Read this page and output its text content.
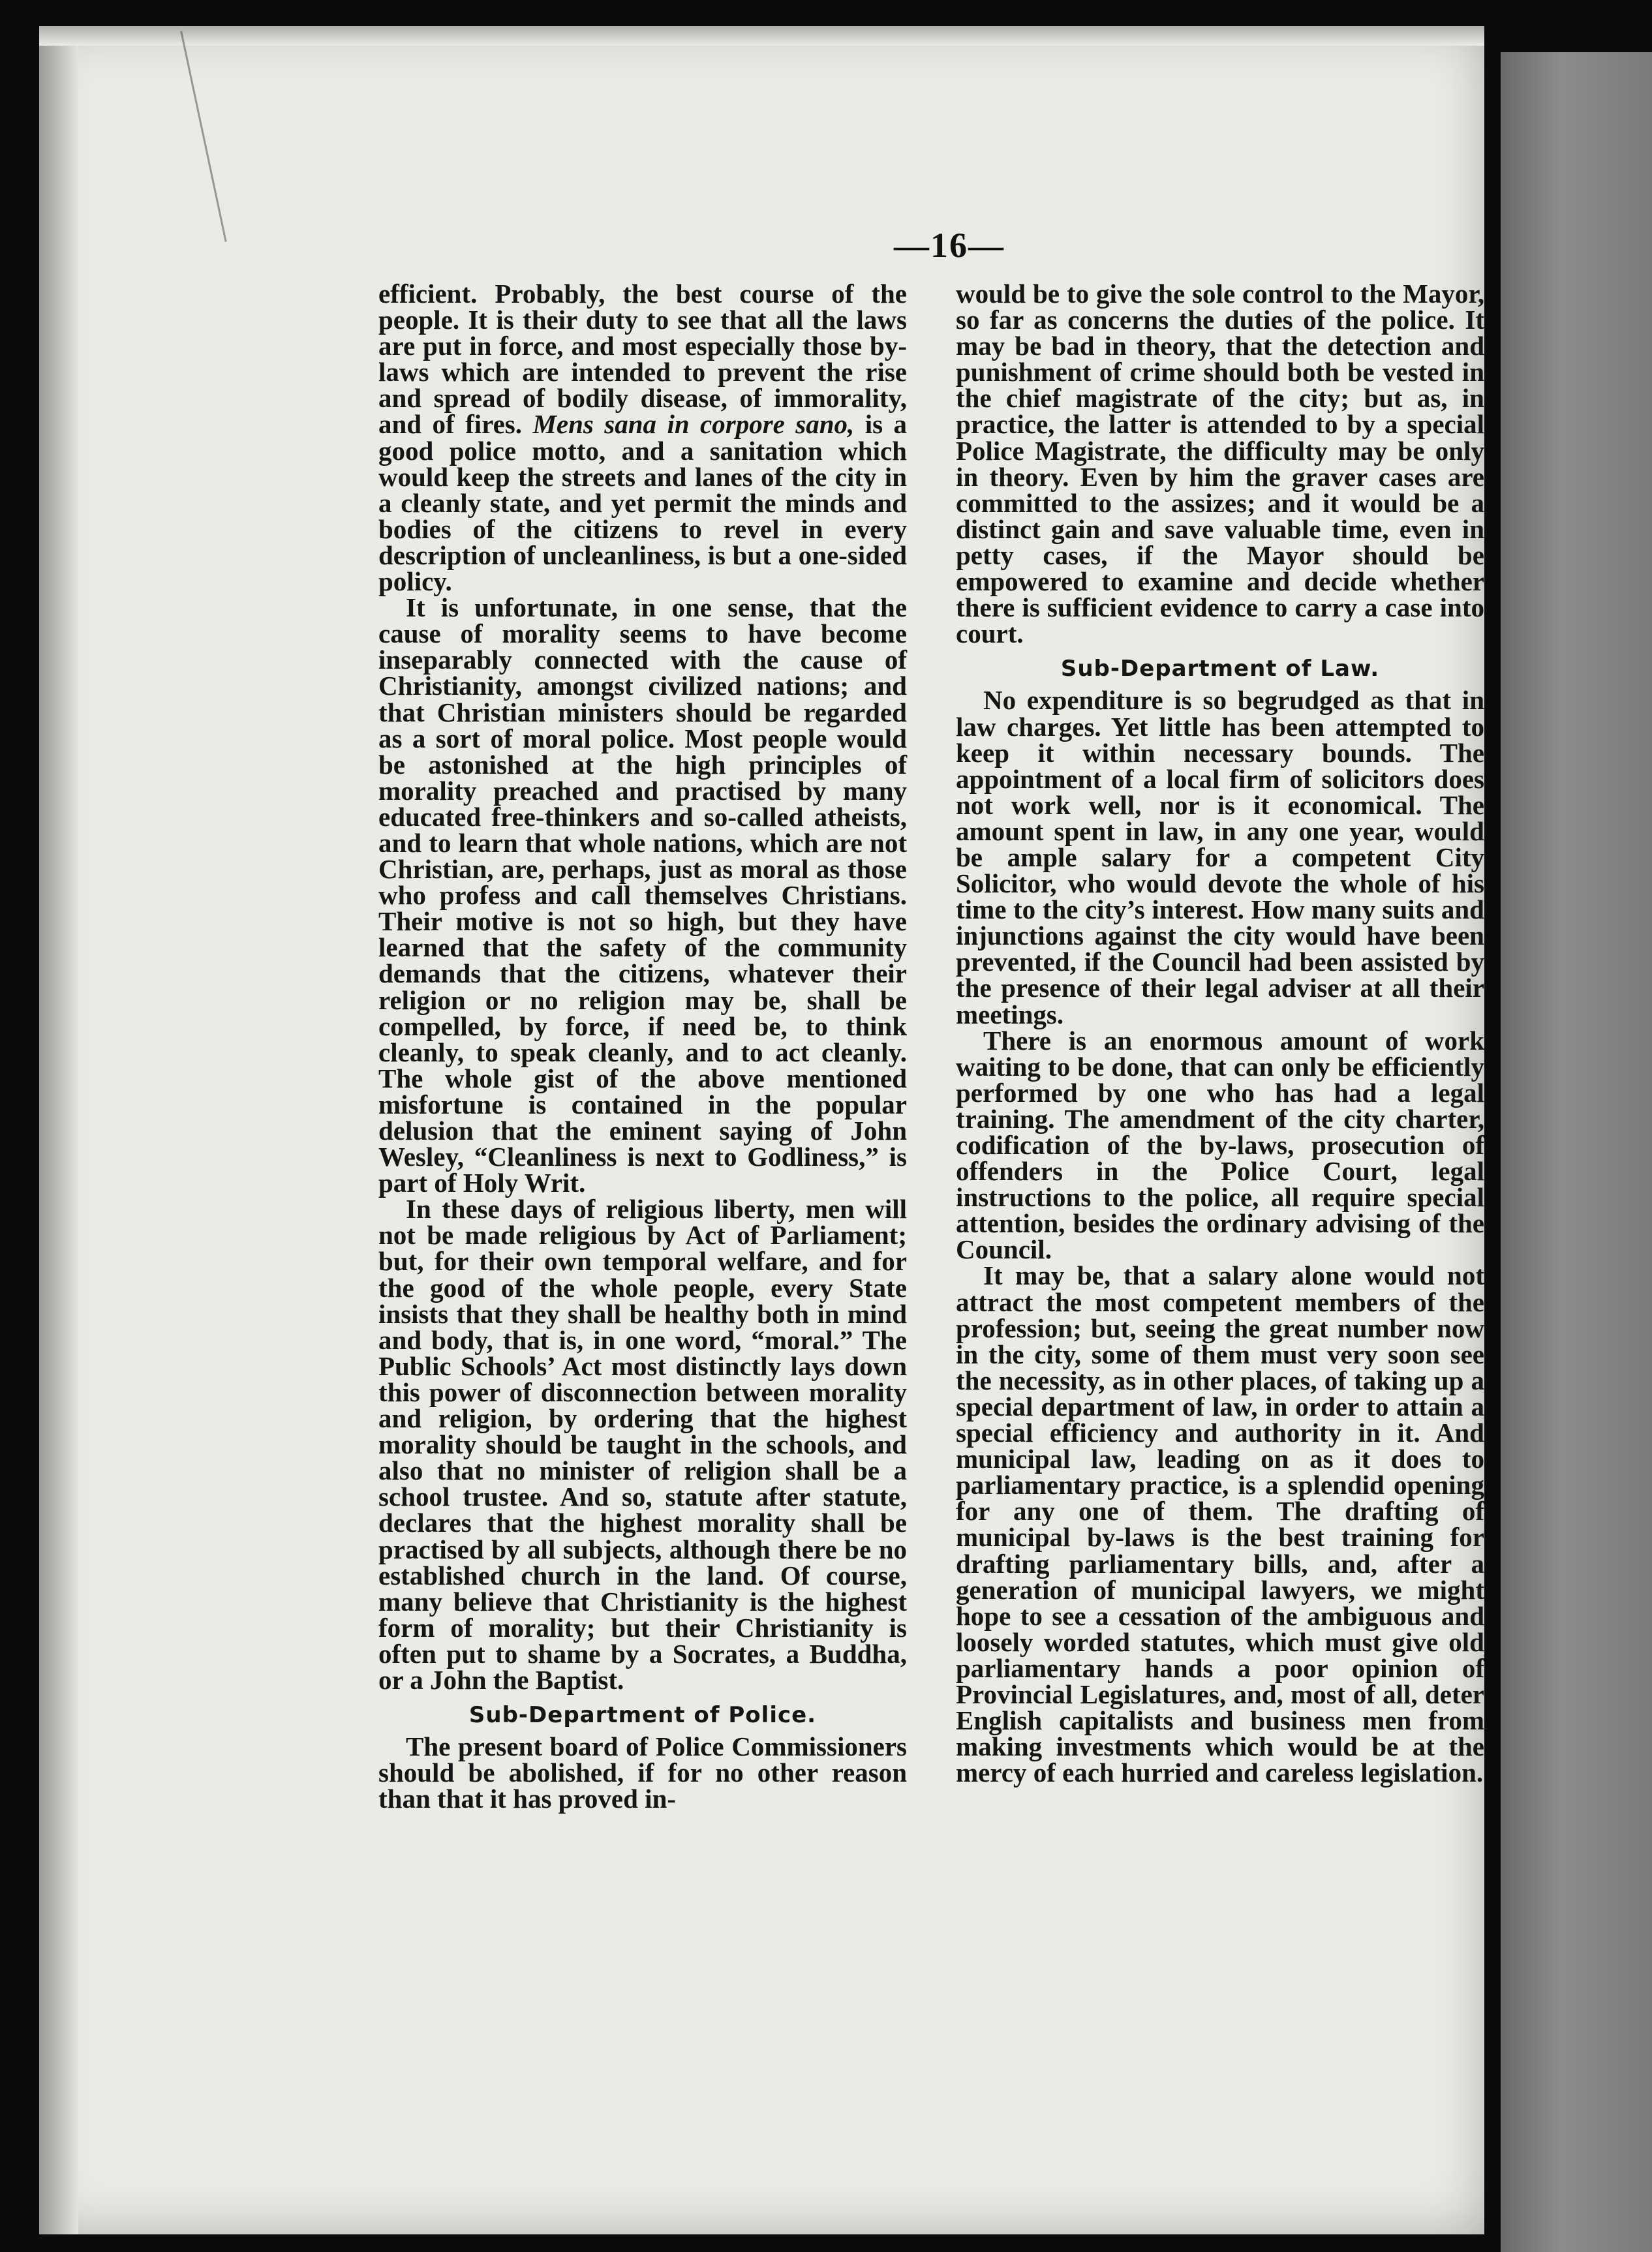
—16—

efficient. Probably, the best course of the people. It is their duty to see that all the laws are put in force, and most especially those by-laws which are intended to prevent the rise and spread of bodily disease, of immorality, and of fires. Mens sana in corpore sano, is a good police motto, and a sanitation which would keep the streets and lanes of the city in a cleanly state, and yet permit the minds and bodies of the citizens to revel in every description of uncleanliness, is but a one-sided policy.

It is unfortunate, in one sense, that the cause of morality seems to have become inseparably connected with the cause of Christianity, amongst civilized nations; and that Christian ministers should be regarded as a sort of moral police. Most people would be astonished at the high principles of morality preached and practised by many educated free-thinkers and so-called atheists, and to learn that whole nations, which are not Christian, are, perhaps, just as moral as those who profess and call themselves Christians. Their motive is not so high, but they have learned that the safety of the community demands that the citizens, whatever their religion or no religion may be, shall be compelled, by force, if need be, to think cleanly, to speak cleanly, and to act cleanly. The whole gist of the above mentioned misfortune is contained in the popular delusion that the eminent saying of John Wesley, “Cleanliness is next to Godliness,” is part of Holy Writ.

In these days of religious liberty, men will not be made religious by Act of Parliament; but, for their own temporal welfare, and for the good of the whole people, every State insists that they shall be healthy both in mind and body, that is, in one word, “moral.” The Public Schools’ Act most distinctly lays down this power of disconnection between morality and religion, by ordering that the highest morality should be taught in the schools, and also that no minister of religion shall be a school trustee. And so, statute after statute, declares that the highest morality shall be practised by all subjects, although there be no established church in the land. Of course, many believe that Christianity is the highest form of morality; but their Christianity is often put to shame by a Socrates, a Buddha, or a John the Baptist.

Sub-Department of Police.

The present board of Police Commissioners should be abolished, if for no other reason than that it has proved in-

would be to give the sole control to the Mayor, so far as concerns the duties of the police. It may be bad in theory, that the detection and punishment of crime should both be vested in the chief magistrate of the city; but as, in practice, the latter is attended to by a special Police Magistrate, the difficulty may be only in theory. Even by him the graver cases are committed to the assizes; and it would be a distinct gain and save valuable time, even in petty cases, if the Mayor should be empowered to examine and decide whether there is sufficient evidence to carry a case into court.

Sub-Department of Law.

No expenditure is so begrudged as that in law charges. Yet little has been attempted to keep it within necessary bounds. The appointment of a local firm of solicitors does not work well, nor is it economical. The amount spent in law, in any one year, would be ample salary for a competent City Solicitor, who would devote the whole of his time to the city’s interest. How many suits and injunctions against the city would have been prevented, if the Council had been assisted by the presence of their legal adviser at all their meetings.

There is an enormous amount of work waiting to be done, that can only be efficiently performed by one who has had a legal training. The amendment of the city charter, codification of the by-laws, prosecution of offenders in the Police Court, legal instructions to the police, all require special attention, besides the ordinary advising of the Council.

It may be, that a salary alone would not attract the most competent members of the profession; but, seeing the great number now in the city, some of them must very soon see the necessity, as in other places, of taking up a special department of law, in order to attain a special efficiency and authority in it. And municipal law, leading on as it does to parliamentary practice, is a splendid opening for any one of them. The drafting of municipal by-laws is the best training for drafting parliamentary bills, and, after a generation of municipal lawyers, we might hope to see a cessation of the ambiguous and loosely worded statutes, which must give old parliamentary hands a poor opinion of Provincial Legislatures, and, most of all, deter English capitalists and business men from making investments which would be at the mercy of each hurried and careless legislation.
